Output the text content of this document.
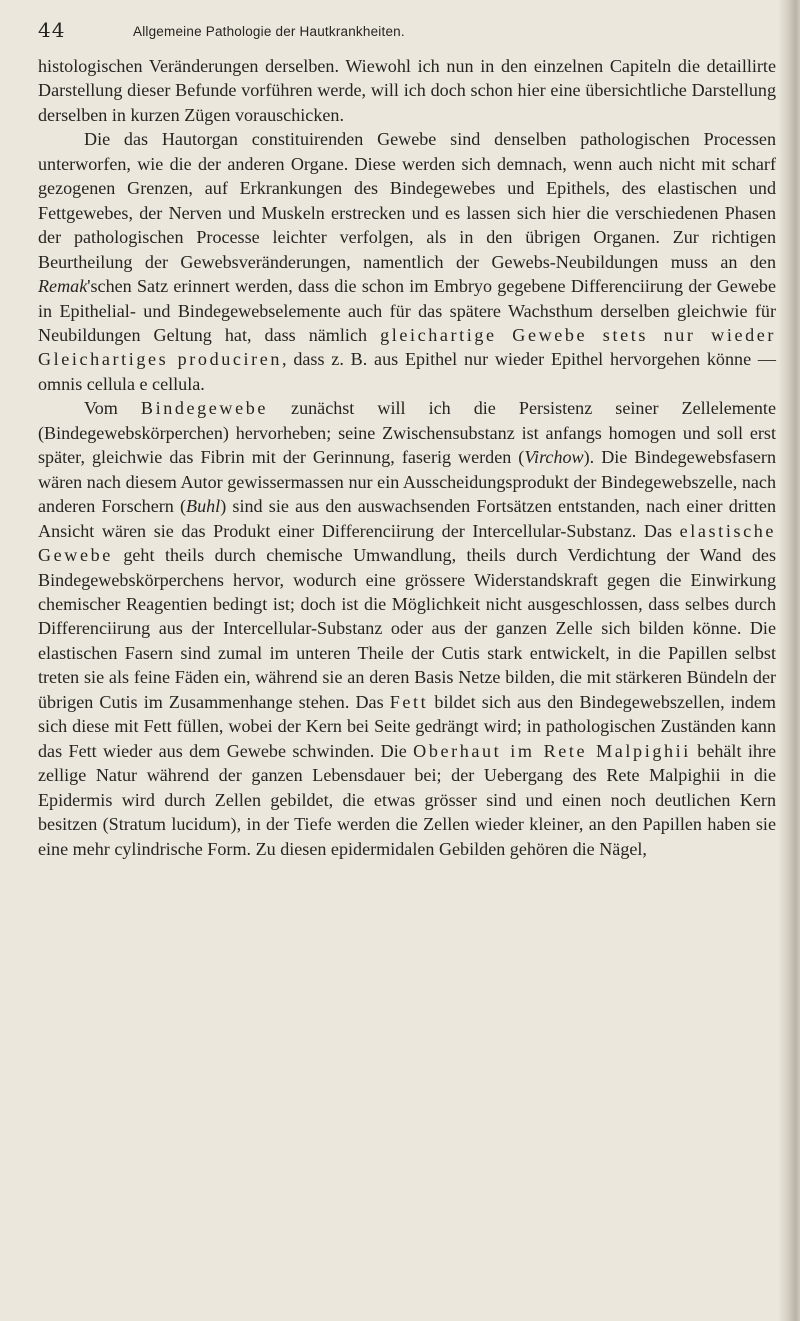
44	Allgemeine Pathologie der Hautkrankheiten.

histologischen Veränderungen derselben. Wiewohl ich nun in den einzelnen Capiteln die detaillirte Darstellung dieser Befunde vorführen werde, will ich doch schon hier eine übersichtliche Darstellung derselben in kurzen Zügen vorauschicken.

Die das Hautorgan constituirenden Gewebe sind denselben pathologischen Processen unterworfen, wie die der anderen Organe. Diese werden sich demnach, wenn auch nicht mit scharf gezogenen Grenzen, auf Erkrankungen des Bindegewebes und Epithels, des elastischen und Fettgewebes, der Nerven und Muskeln erstrecken und es lassen sich hier die verschiedenen Phasen der pathologischen Processe leichter verfolgen, als in den übrigen Organen. Zur richtigen Beurtheilung der Gewebsveränderungen, namentlich der Gewebs-Neubildungen muss an den Remak'schen Satz erinnert werden, dass die schon im Embryo gegebene Differenciirung der Gewebe in Epithelial- und Bindegewebselemente auch für das spätere Wachsthum derselben gleichwie für Neubildungen Geltung hat, dass nämlich gleichartige Gewebe stets nur wieder Gleichartiges produciren, dass z. B. aus Epithel nur wieder Epithel hervorgehen könne — omnis cellula e cellula.

Vom Bindegewebe zunächst will ich die Persistenz seiner Zellelemente (Bindegewebskörperchen) hervorheben; seine Zwischensubstanz ist anfangs homogen und soll erst später, gleichwie das Fibrin mit der Gerinnung, faserig werden (Virchow). Die Bindegewebsfasern wären nach diesem Autor gewissermassen nur ein Ausscheidungsprodukt der Bindegewebszelle, nach anderen Forschern (Buhl) sind sie aus den auswachsenden Fortsätzen entstanden, nach einer dritten Ansicht wären sie das Produkt einer Differenciirung der Intercellular-Substanz. Das elastische Gewebe geht theils durch chemische Umwandlung, theils durch Verdichtung der Wand des Bindegewebskörperchens hervor, wodurch eine grössere Widerstandskraft gegen die Einwirkung chemischer Reagentien bedingt ist; doch ist die Möglichkeit nicht ausgeschlossen, dass selbes durch Differenciirung aus der Intercellular-Substanz oder aus der ganzen Zelle sich bilden könne. Die elastischen Fasern sind zumal im unteren Theile der Cutis stark entwickelt, in die Papillen selbst treten sie als feine Fäden ein, während sie an deren Basis Netze bilden, die mit stärkeren Bündeln der übrigen Cutis im Zusammenhange stehen. Das Fett bildet sich aus den Bindegewebszellen, indem sich diese mit Fett füllen, wobei der Kern bei Seite gedrängt wird; in pathologischen Zuständen kann das Fett wieder aus dem Gewebe schwinden. Die Oberhaut im Rete Malpighii behält ihre zellige Natur während der ganzen Lebensdauer bei; der Uebergang des Rete Malpighii in die Epidermis wird durch Zellen gebildet, die etwas grösser sind und einen noch deutlichen Kern besitzen (Stratum lucidum), in der Tiefe werden die Zellen wieder kleiner, an den Papillen haben sie eine mehr cylindrische Form. Zu diesen epidermidalen Gebilden gehören die Nägel,
